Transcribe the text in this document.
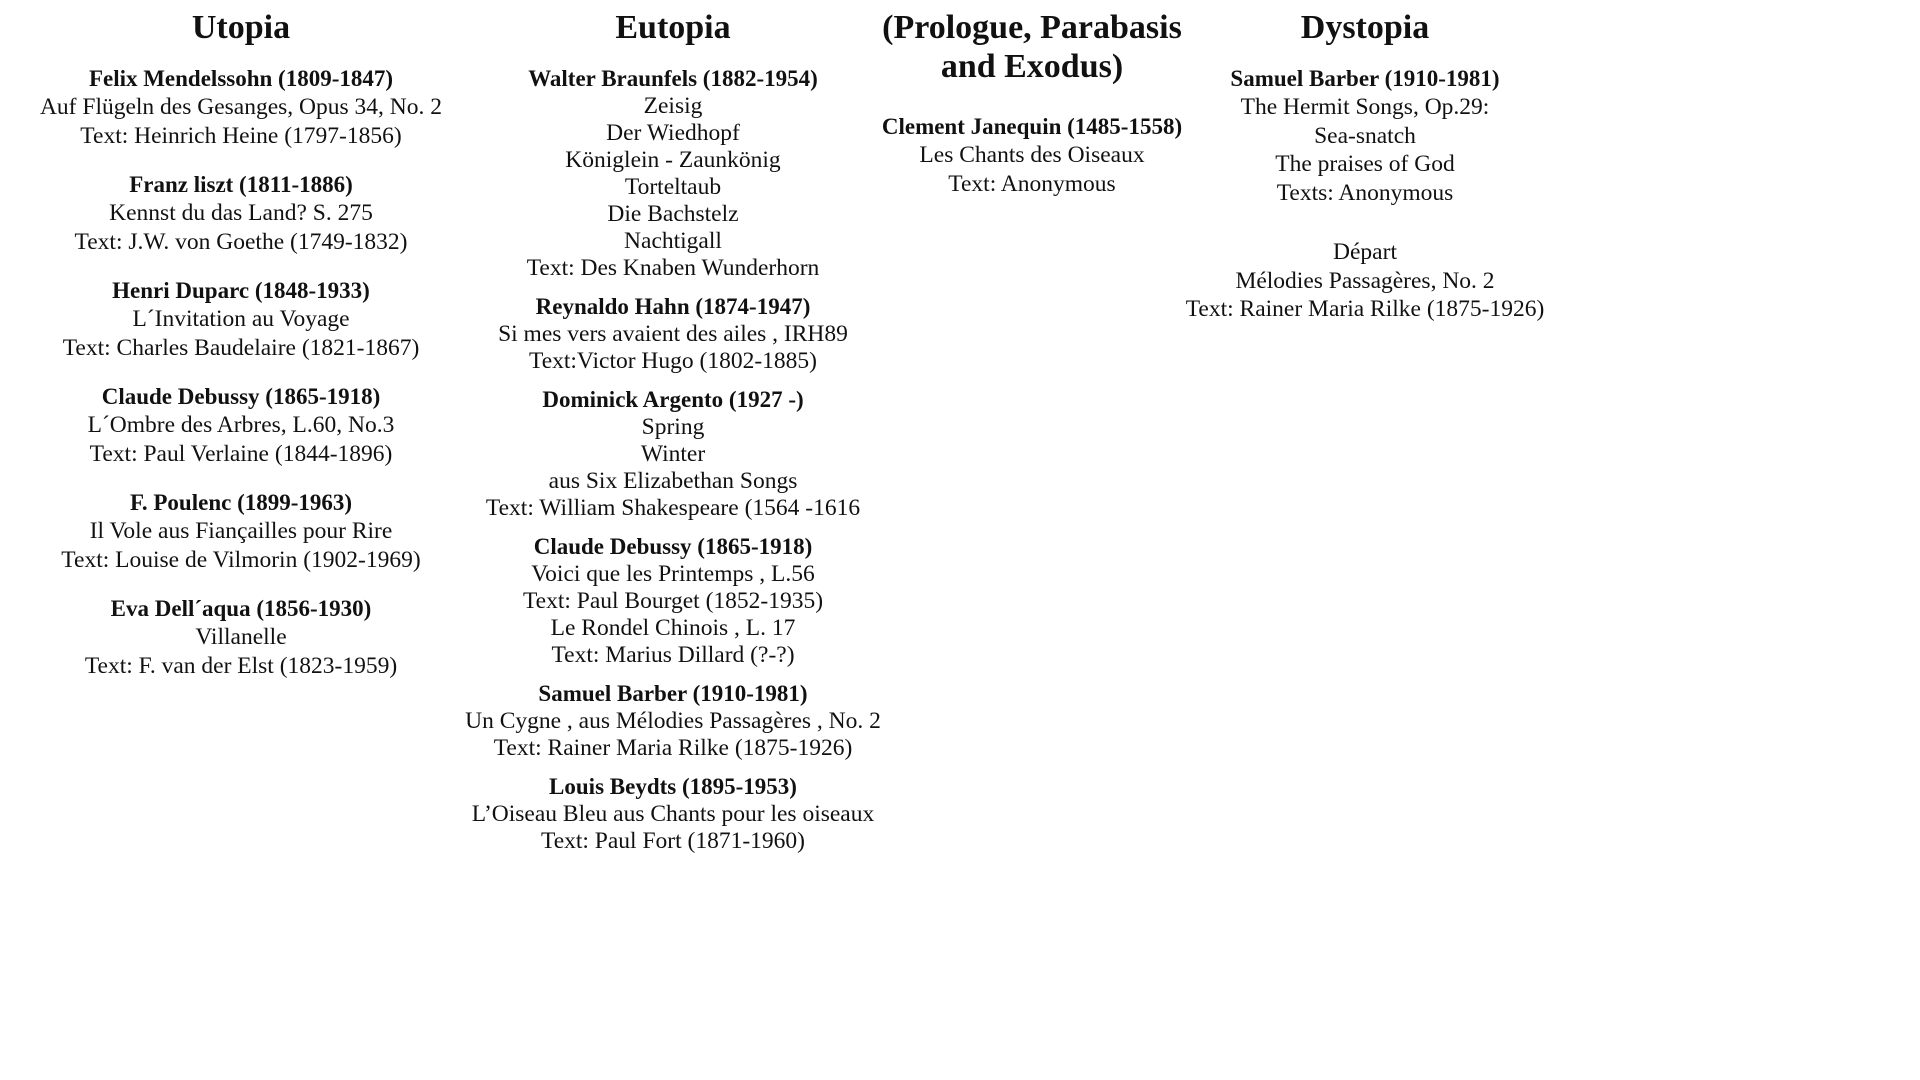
Utopia
Felix Mendelssohn (1809-1847)
Auf Flügeln des Gesanges, Opus 34, No. 2
Text: Heinrich Heine (1797-1856)
Franz liszt (1811-1886)
Kennst du das Land? S. 275
Text: J.W. von Goethe (1749-1832)
Henri Duparc (1848-1933)
L´Invitation au Voyage
Text: Charles Baudelaire (1821-1867)
Claude Debussy (1865-1918)
L´Ombre des Arbres, L.60, No.3
Text: Paul Verlaine (1844-1896)
F. Poulenc (1899-1963)
Il Vole aus Fiançailles pour Rire
Text: Louise de Vilmorin (1902-1969)
Eva Dell´aqua (1856-1930)
Villanelle
Text: F. van der Elst (1823-1959)
Eutopia
Walter Braunfels (1882-1954)
Zeisig
Der Wiedhopf
Königlein - Zaunkönig
Torteltaub
Die Bachstelz
Nachtigall
Text: Des Knaben Wunderhorn
Reynaldo Hahn (1874-1947)
Si mes vers avaient des ailes , IRH89
Text:Victor Hugo (1802-1885)
Dominick Argento (1927 -)
Spring
Winter
aus Six Elizabethan Songs
Text: William Shakespeare (1564 -1616
Claude Debussy (1865-1918)
Voici que les Printemps , L.56
Text: Paul Bourget (1852-1935)
Le Rondel Chinois , L. 17
Text: Marius Dillard (?-?)
Samuel Barber (1910-1981)
Un Cygne , aus Mélodies Passagères , No. 2
Text: Rainer Maria Rilke (1875-1926)
Louis Beydts (1895-1953)
L’Oiseau Bleu aus Chants pour les oiseaux
Text: Paul Fort (1871-1960)
(Prologue, Parabasis
and Exodus)
Clement Janequin (1485-1558)
Les Chants des Oiseaux
Text: Anonymous
Dystopia
Samuel Barber (1910-1981)
The Hermit Songs, Op.29:
Sea-snatch
The praises of God
Texts: Anonymous
Départ
Mélodies Passagères, No. 2
Text: Rainer Maria Rilke (1875-1926)
